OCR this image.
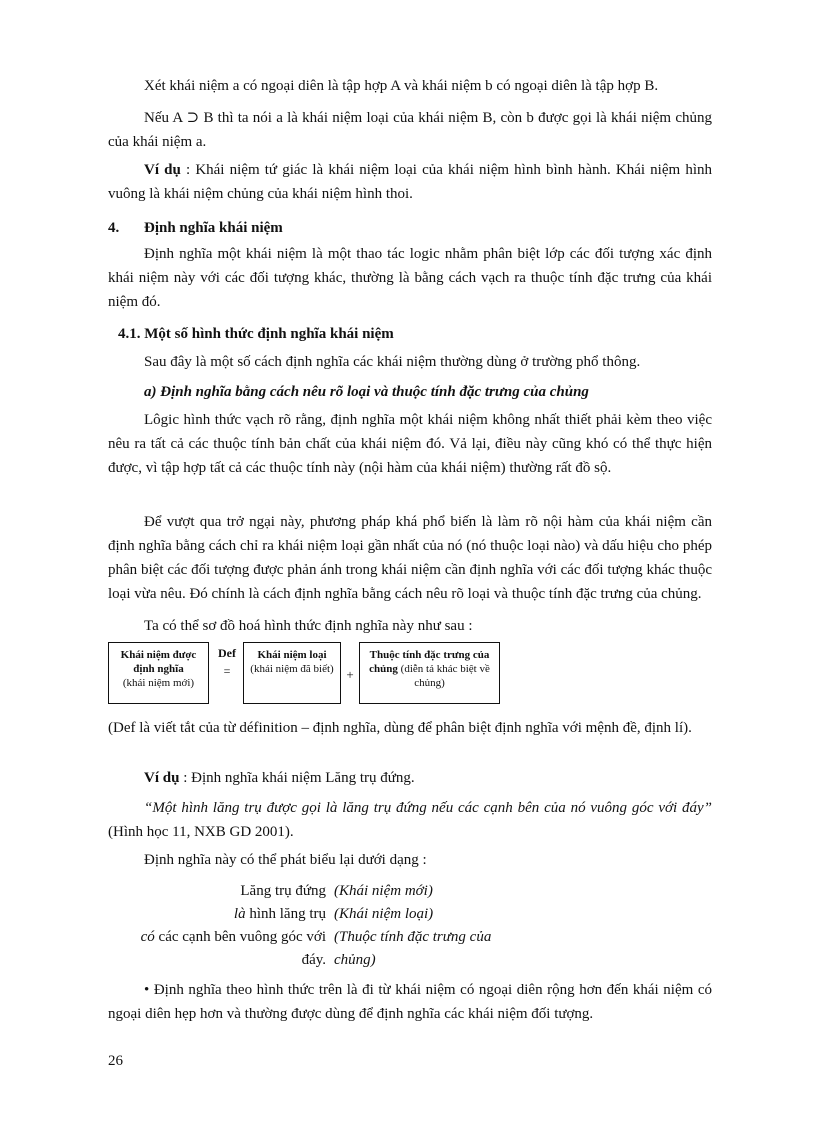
Xét khái niệm a có ngoại diên là tập hợp A và khái niệm b có ngoại diên là tập hợp B.

Nếu A ⊃ B thì ta nói a là khái niệm loại của khái niệm B, còn b được gọi là khái niệm chủng của khái niệm a.

Ví dụ : Khái niệm tứ giác là khái niệm loại của khái niệm hình bình hành. Khái niệm hình vuông là khái niệm chủng của khái niệm hình thoi.

4. Định nghĩa khái niệm

Định nghĩa một khái niệm là một thao tác logic nhằm phân biệt lớp các đối tượng xác định khái niệm này với các đối tượng khác, thường là bằng cách vạch ra thuộc tính đặc trưng của khái niệm đó.

4.1. Một số hình thức định nghĩa khái niệm

Sau đây là một số cách định nghĩa các khái niệm thường dùng ở trường phổ thông.

a) Định nghĩa bằng cách nêu rõ loại và thuộc tính đặc trưng của chủng

Lôgic hình thức vạch rõ rằng, định nghĩa một khái niệm không nhất thiết phải kèm theo việc nêu ra tất cả các thuộc tính bản chất của khái niệm đó. Vả lại, điều này cũng khó có thể thực hiện được, vì tập hợp tất cả các thuộc tính này (nội hàm của khái niệm) thường rất đồ sộ.

Để vượt qua trở ngại này, phương pháp khá phổ biến là làm rõ nội hàm của khái niệm cần định nghĩa bằng cách chỉ ra khái niệm loại gần nhất của nó (nó thuộc loại nào) và dấu hiệu cho phép phân biệt các đối tượng được phản ánh trong khái niệm cần định nghĩa với các đối tượng khác thuộc loại vừa nêu. Đó chính là cách định nghĩa bằng cách nêu rõ loại và thuộc tính đặc trưng của chủng.

Ta có thể sơ đồ hoá hình thức định nghĩa này như sau :

Khái niệm được định nghĩa
(khái niệm mới)
Def
=
Khái niệm loại
(khái niệm đã biết) +
Thuộc tính đặc trưng của chủng (diễn tả khác biệt về chủng)

(Def là viết tắt của từ définition – định nghĩa, dùng để phân biệt định nghĩa với mệnh đề, định lí).

Ví dụ : Định nghĩa khái niệm Lăng trụ đứng.

“Một hình lăng trụ được gọi là lăng trụ đứng nếu các cạnh bên của nó vuông góc với đáy” (Hình học 11, NXB GD 2001).

Định nghĩa này có thể phát biểu lại dưới dạng :

Lăng trụ đứng (Khái niệm mới)
là hình lăng trụ (Khái niệm loại)
có các cạnh bên vuông góc với (Thuộc tính đặc trưng của
đáy. chủng)

• Định nghĩa theo hình thức trên là đi từ khái niệm có ngoại diên rộng hơn đến khái niệm có ngoại diên hẹp hơn và thường được dùng để định nghĩa các khái niệm đối tượng.

26
